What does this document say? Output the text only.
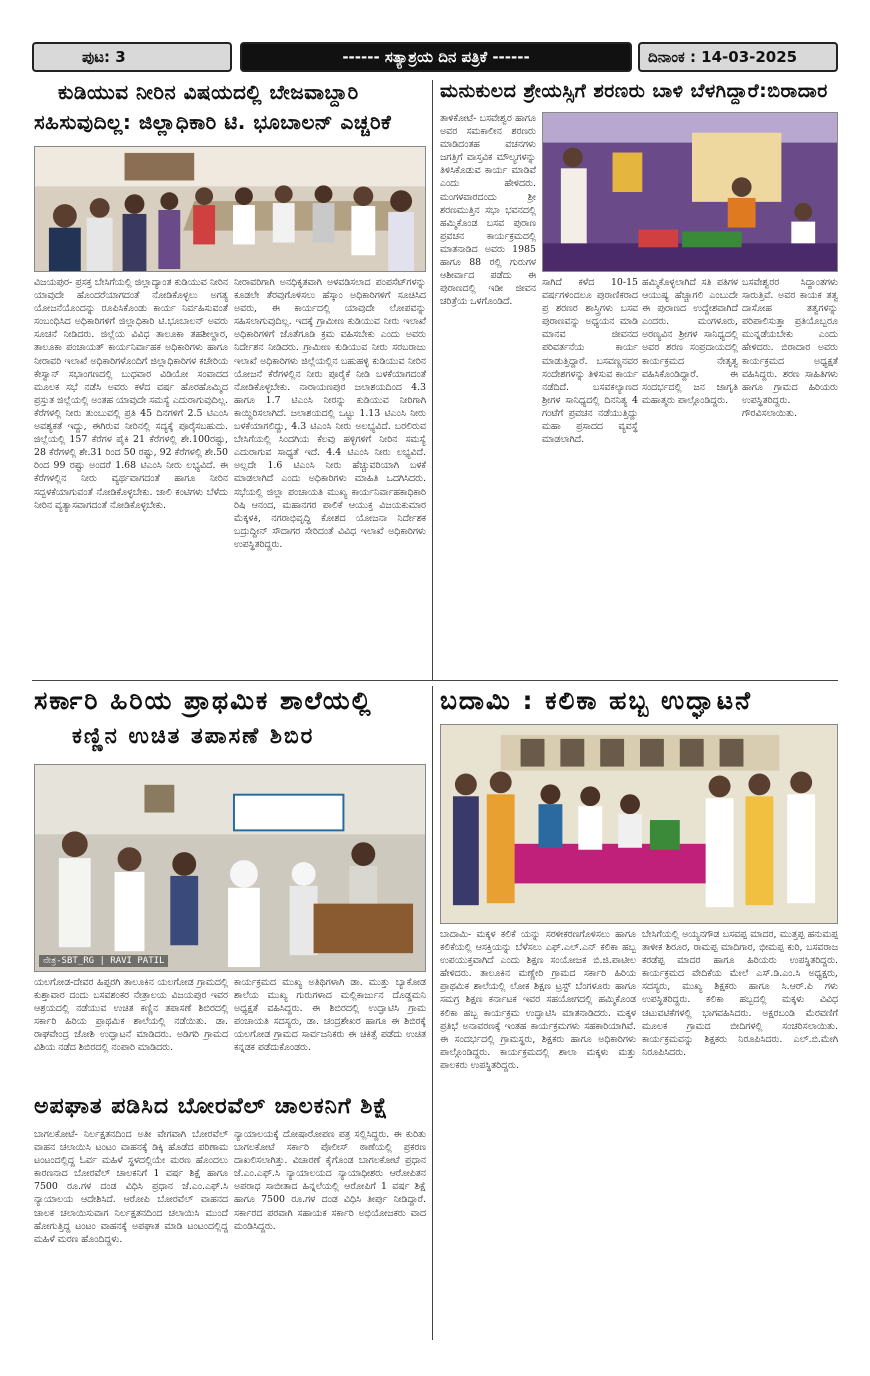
ಪುಟ: 3	------ ಸತ್ಯಾಶ್ರಯ ದಿನ ಪತ್ರಿಕೆ ------	ದಿನಾಂಕ : 14-03-2025
ಕುಡಿಯುವ ನೀರಿನ ವಿಷಯದಲ್ಲಿ ಬೇಜವಾಬ್ದಾರಿ
ಸಹಿಸುವುದಿಲ್ಲ: ಜಿಲ್ಲಾಧಿಕಾರಿ ಟಿ. ಭೂಬಾಲನ್ ಎಚ್ಚರಿಕೆ
ವಿಜಯಪುರ- ಪ್ರಸಕ್ತ ಬೇಸಿಗೆಯಲ್ಲಿ ಜಿಲ್ಲಾದ್ಯಾಂತ ಕುಡಿಯುವ ನೀರಿನ ಯಾವುದೇ ಹೊಂದರೆಯಾಗದಂತೆ ನೋಡಿಕೊಳ್ಳಲು ಅಗತ್ಯ ಯೋಜನೆಯೊಂದನ್ನು ರೂಪಿಸಿಕೊಂಡು ಕಾರ್ಯ ನಿರ್ವಹಿಸುವಂತೆ ಸಂಬಂಧಿಸಿದ ಅಧಿಕಾರಿಗಳಿಗೆ ಜಿಲ್ಲಾಧಿಕಾರಿ ಟಿ.ಭೂಬಾಲನ್ ಅವರು ಸೂಚನೆ ನೀಡಿದರು. ಜಿಲ್ಲೆಯ ವಿವಿಧ ತಾಲೂಕಾ ತಹಶೀಲ್ದಾರ, ತಾಲೂಕಾ ಪಂಚಾಯತ್ ಕಾರ್ಯನಿರ್ವಾಹಕ ಅಧಿಕಾರಿಗಳು ಹಾಗೂ ನೀರಾವರಿ ಇಲಾಖೆ ಅಧಿಕಾರಿಗಳೊಂದಿಗೆ ಜಿಲ್ಲಾಧಿಕಾರಿಗಳ ಕಚೇರಿಯ ಕೇಸ್ವಾನ್ ಸಭಾಂಗಣದಲ್ಲಿ ಬುಧವಾರ ವಿಡಿಯೋ ಸಂವಾದದ ಮೂಲಕ ಸಭೆ ನಡೆಸಿ ಅವರು ಕಳೆದ ವರ್ಷ ಹೊರಹೊಮ್ಮಿದ ಪ್ರಸ್ತುತ ಜಿಲ್ಲೆಯಲ್ಲಿ ಅಂತಹ ಯಾವುದೇ ಸಮಸ್ಯೆ ಎದುರಾಗುವುದಿಲ್ಲ. ಕೆರೆಗಳಲ್ಲಿ ನೀರು ತುಂಬುವಲ್ಲಿ ಪ್ರತಿ 45 ದಿನಗಳಿಗೆ 2.5 ಟಿಎಂಸಿ ಅವಶ್ಯಕತೆ ಇದ್ದು, ಈಗಿರುವ ನೀರಿನಲ್ಲಿ ಸದ್ಯಕ್ಕೆ ಪೂರೈಸಬಹುದು. ಜಿಲ್ಲೆಯಲ್ಲಿ 157 ಕೆರೆಗಳ ಪೈಕಿ 21 ಕೆರೆಗಳಲ್ಲಿ ಶೇ.100ರಷ್ಟು, 28 ಕೆರೆಗಳಲ್ಲಿ ಶೇ.31 ರಿಂದ 50 ರಷ್ಟು, 92 ಕೆರೆಗಳಲ್ಲಿ ಶೇ.50 ರಿಂದ 99 ರಷ್ಟು ಅಂದರೆ 1.68 ಟಿಎಂಸಿ ನೀರು ಲಭ್ಯವಿದೆ. ಈ ಕೆರೆಗಳಲ್ಲಿನ ನೀರು ವ್ಯರ್ಥವಾಗದಂತೆ ಹಾಗೂ ನೀರಿನ ಸದ್ಬಳಕೆಯಾಗುವಂತೆ ನೋಡಿಕೊಳ್ಳಬೇಕು. ಜಾಲಿ ಕಂಟಿಗಳು ಬೆಳೆದು ನೀರಿನ ವ್ಯತ್ಯಾಸವಾಗದಂತೆ ನೋಡಿಕೊಳ್ಳಬೇಕು.
ನೀರಾವರಿಗಾಗಿ ಅನಧಿಕೃತವಾಗಿ ಅಳವಡಿಸಲಾದ ಪಂಪಸೆಟ್‌ಗಳನ್ನು ಕೂಡಲೇ ತೆರವುಗೊಳಿಸಲು ಹೆಸ್ಕಾಂ ಅಧಿಕಾರಿಗಳಿಗೆ ಸೂಚಿಸಿದ ಅವರು, ಈ ಕಾರ್ಯದಲ್ಲಿ ಯಾವುದೇ ಲೋಪವನ್ನು ಸಹಿಸಲಾಗುವುದಿಲ್ಲ. ಇದಕ್ಕೆ ಗ್ರಾಮೀಣ ಕುಡಿಯುವ ನೀರು ಇಲಾಖೆ ಅಧಿಕಾರಿಗಳಿಗೆ ಜೊತೆಗೂಡಿ ಕ್ರಮ ವಹಿಸಬೇಕು ಎಂದು ಅವರು ನಿರ್ದೇಶನ ನೀಡಿದರು. ಗ್ರಾಮೀಣ ಕುಡಿಯುವ ನೀರು ಸರಬರಾಜು ಇಲಾಖೆ ಅಧಿಕಾರಿಗಳು ಜಿಲ್ಲೆಯಲ್ಲಿನ ಬಹುಹಳ್ಳಿ ಕುಡಿಯುವ ನೀರಿನ ಯೋಜನೆ ಕೆರೆಗಳಲ್ಲಿನ ನೀರು ಪೂರೈಕೆ ನೀಡಿ ಬಳಕೆಯಾಗದಂತೆ ನೋಡಿಕೊಳ್ಳಬೇಕು. ನಾರಾಯಣಪುರ ಜಲಾಶಯದಿಂದ 4.3 ಹಾಗೂ 1.7 ಟಿಎಂಸಿ ನೀರನ್ನು ಕುಡಿಯುವ ನೀರಿಗಾಗಿ ಕಾಯ್ದಿರಿಸಲಾಗಿದೆ. ಜಲಾಶಯದಲ್ಲಿ ಒಟ್ಟು 1.13 ಟಿಎಂಸಿ ನೀರು ಬಳಕೆಯಾಗಲಿದ್ದು, 4.3 ಟಿಎಂಸಿ ನೀರು ಅಲಭ್ಯವಿದೆ. ಬರಲಿರುವ ಬೇಸಿಗೆಯಲ್ಲಿ ಸಿಂದಗಿಯ ಕೆಲವು ಹಳ್ಳಿಗಳಿಗೆ ನೀರಿನ ಸಮಸ್ಯೆ ಎದುರಾಗುವ ಸಾಧ್ಯತೆ ಇದೆ. 4.4 ಟಿಎಂಸಿ ನೀರು ಲಭ್ಯವಿದೆ. ಅಲ್ಲದೇ 1.6 ಟಿಎಂಸಿ ನೀರು ಹೆಚ್ಚುವರಿಯಾಗಿ ಬಳಕೆ ಮಾಡಲಾಗಿದೆ ಎಂದು ಅಧಿಕಾರಿಗಳು ಮಾಹಿತಿ ಒದಗಿಸಿದರು. ಸಭೆಯಲ್ಲಿ ಜಿಲ್ಲಾ ಪಂಚಾಯತಿ ಮುಖ್ಯ ಕಾರ್ಯನಿರ್ವಾಹಕಾಧಿಕಾರಿ ರಿಷಿ ಆನಂದ, ಮಹಾನಗರ ಪಾಲಿಕೆ ಆಯುಕ್ತ ವಿಜಯಕುಮಾರ ಮೆಕ್ಕಳಕಿ, ನಗರಾಭಿವೃದ್ಧಿ ಕೋಶದ ಯೋಜನಾ ನಿರ್ದೇಶಕ ಬದ್ರುದ್ದೀನ್ ಸೌದಾಗರ ಸೇರಿದಂತೆ ವಿವಿಧ ಇಲಾಖೆ ಅಧಿಕಾರಿಗಳು ಉಪಸ್ಥಿತರಿದ್ದರು.
ಮನುಕುಲದ ಶ್ರೇಯಸ್ಸಿಗೆ ಶರಣರು ಬಾಳಿ ಬೆಳಗಿದ್ದಾರೆ:ಬಿರಾದಾರ
ತಾಳಿಕೋಟೆ- ಬಸವೇಶ್ವರ ಹಾಗೂ ಅವರ ಸಮಕಾಲೀನ ಶರಣರು ಮಾಡಿದಂತಹ ವಚನಗಳು ಜಗತ್ತಿಗೆ ವಾಸ್ತವಿಕ ಮೌಲ್ಯಗಳನ್ನು ತಿಳಿಸಿಕೊಡುವ ಕಾರ್ಯ ಮಾಡಿವೆ ಎಂದು ಹೇಳಿದರು. ಮಂಗಳವಾರದಂದು ಶ್ರೀ ಶರಣಮುತ್ತಿನ ಸಭಾ ಭವನದಲ್ಲಿ ಹಮ್ಮಿಕೊಂಡ ಬಸವ ಪುರಾಣ ಪ್ರವಚನ ಕಾರ್ಯಕ್ರಮದಲ್ಲಿ ಮಾತನಾಡಿದ ಅವರು 1985 ಹಾಗೂ 88 ರಲ್ಲಿ ಗುರುಗಳ ಆಶೀರ್ವಾದ ಪಡೆದು ಈ ಪುರಾಣದಲ್ಲಿ ಇಡೀ ಜೀವನ ಚರಿತ್ರೆಯ ಒಳಗೊಂಡಿದೆ.
ಸಾಗಿದೆ ಕಳೆದ 10-15 ವರ್ಷಗಳಿಂದಲೂ ಪುರಾಣಿಕರಾದ ಪ್ರ ಶರಣರ ಶಾಸ್ತ್ರಿಗಳು ಬಸವ ಪುರಾಣವನ್ನು ಅಧ್ಯಯನ ಮಾಡಿ ಮಾನವ ಜೀವನದ ಪರಿವರ್ತನೆಯ ಕಾರ್ಯ ಮಾಡುತ್ತಿದ್ದಾರೆ. ಬಸವಣ್ಣನವರ ಸಂದೇಶಗಳನ್ನು ತಿಳಿಸುವ ಕಾರ್ಯ ನಡೆದಿದೆ. ಬಸವಕಲ್ಯಾಣದ ಶ್ರೀಗಳ ಸಾನಿಧ್ಯದಲ್ಲಿ ದಿನನಿತ್ಯ 4 ಗಂಟೆಗೆ ಪ್ರವಚನ ನಡೆಯುತ್ತಿದ್ದು ಮಹಾ ಪ್ರಸಾದದ ವ್ಯವಸ್ಥೆ ಮಾಡಲಾಗಿದೆ.
ಹಮ್ಮಿಕೊಳ್ಳಲಾಗಿದೆ ಸತಿ ಪತಿಗಳ ಆಯುಷ್ಯ ಹೆಚ್ಚಾಗಲಿ ಎಂಬುದೇ ಈ ಪುರಾಣದ ಉದ್ದೇಶವಾಗಿದೆ ಎಂದರು. ಮಂಗಳೂರು, ಅರಣ್ಯವಿನ ಶ್ರೀಗಳ ಸಾನಿಧ್ಯದಲ್ಲಿ ಅವರ ಶರಣ ಸಂಪ್ರದಾಯದಲ್ಲಿ ಕಾರ್ಯಕ್ರಮದ ನೇತೃತ್ವ ವಹಿಸಿಕೊಂಡಿದ್ದಾರೆ. ಈ ಸಂದರ್ಭದಲ್ಲಿ ಜನ ಜಾಗೃತಿ ಮಹಾತ್ಮರು ಪಾಲ್ಗೊಂಡಿದ್ದರು.
ಬಸವೇಶ್ವರರ ಸಿದ್ಧಾಂತಗಳು ಸಾರುತ್ತಿವೆ. ಅವರ ಕಾಯಕ ತತ್ವ ದಾಸೋಹ ತತ್ವಗಳನ್ನು ಪರಿಪಾಲಿಸುತ್ತಾ ಪ್ರತಿಯೊಬ್ಬರೂ ಮುನ್ನಡೆಯಬೇಕು ಎಂದು ಹೇಳಿದರು. ಬಿರಾದಾರ ಅವರು ಕಾರ್ಯಕ್ರಮದ ಅಧ್ಯಕ್ಷತೆ ವಹಿಸಿದ್ದರು. ಶರಣ ಸಾಹಿತಿಗಳು ಹಾಗೂ ಗ್ರಾಮದ ಹಿರಿಯರು ಉಪಸ್ಥಿತರಿದ್ದರು. ಗೌರವಿಸಲಾಯಿತು.
ಸರ್ಕಾರಿ ಹಿರಿಯ ಪ್ರಾಥಮಿಕ ಶಾಲೆಯಲ್ಲಿ
ಕಣ್ಣಿನ ಉಚಿತ ತಪಾಸಣೆ ಶಿಬಿರ
ನೇತ್ರ-SBT_RG | RAVI PATIL
ಯಲಗೋಡ-ದೇವರ ಹಿಪ್ಪರಗಿ ತಾಲೂಕಿನ ಯಲಗೋಡ ಗ್ರಾಮದಲ್ಲಿ ಕುಶ್ತಾವಾರ ದಂದು ಬಸವಶಂಕರ ನೇತ್ರಾಲಯ ವಿಜಯಪುರ ಇವರ ಆಶ್ರಯದಲ್ಲಿ ನಡೆಯುವ ಉಚಿತ ಕಣ್ಣಿನ ತಪಾಸಣೆ ಶಿಬಿರದಲ್ಲಿ ಸರ್ಕಾರಿ ಹಿರಿಯ ಪ್ರಾಥಮಿಕ ಶಾಲೆಯಲ್ಲಿ ನಡೆಯಿತು. ಡಾ. ರಾಘವೇಂದ್ರ ಜೋಶಿ ಉದ್ಘಾಟನೆ ಮಾಡಿದರು. ಅಡಿಗರಿ ಗ್ರಾಮದ ವಿಶಿಯ ನಡೆದ ಶಿಬಿರದಲ್ಲಿ ನಂಪಾರಿ ಮಾಡಿದರು.
ಕಾರ್ಯಕ್ರಮದ ಮುಖ್ಯ ಅತಿಥಿಗಳಾಗಿ ಡಾ. ಮುತ್ತು ಬ್ಯಾಕೋಡ ಶಾಲೆಯ ಮುಖ್ಯ ಗುರುಗಳಾದ ಮಲ್ಲಿಕಾರ್ಜುನ ದೊಡ್ಡಮನಿ ಅಧ್ಯಕ್ಷತೆ ವಹಿಸಿದ್ದರು. ಈ ಶಿಬಿರದಲ್ಲಿ ಉದ್ಘಾಟಿಸಿ ಗ್ರಾಮ ಪಂಚಾಯತಿ ಸದಸ್ಯರು, ಡಾ. ಚಂದ್ರಶೇಖರ ಹಾಗೂ ಈ ಶಿಬಿರಕ್ಕೆ ಯಲಗೋಡ ಗ್ರಾಮದ ಸಾರ್ವಜನಿಕರು ಈ ಚಿಕಿತ್ಸೆ ಪಡೆದು ಉಚಿತ ಕನ್ನಡಕ ಪಡೆದುಕೊಂಡರು.
ಬದಾಮಿ : ಕಲಿಕಾ ಹಬ್ಬ ಉದ್ಘಾಟನೆ
ಬಾದಾಮಿ- ಮಕ್ಕಳ ಕಲಿಕೆ ಯನ್ನು ಸರಳೀಕರಣಗೊಳಿಸಲು ಹಾಗೂ ಕಲಿಕೆಯಲ್ಲಿ ಆಸಕ್ತಿಯನ್ನು ಬೆಳೆಸಲು ಎಫ್.ಎಲ್.ಎನ್ ಕಲಿಕಾ ಹಬ್ಬ ಉಪಯುಕ್ತವಾಗಿದೆ ಎಂದು ಶಿಕ್ಷಣ ಸಂಯೋಜಕ ಬಿ.ಜಿ.ಪಾಟೀಲ ಹೇಳಿದರು. ತಾಲೂಕಿನ ಮಣ್ಣೇರಿ ಗ್ರಾಮದ ಸರ್ಕಾರಿ ಹಿರಿಯ ಪ್ರಾಥಮಿಕ ಶಾಲೆಯಲ್ಲಿ ಲೋಕ ಶಿಕ್ಷಣ ಟ್ರಸ್ಟ್ ಬೆಂಗಳೂರು ಹಾಗೂ ಸಮಗ್ರ ಶಿಕ್ಷಣ ಕರ್ನಾಟಕ ಇವರ ಸಹಯೋಗದಲ್ಲಿ ಹಮ್ಮಿಕೊಂಡ ಕಲಿಕಾ ಹಬ್ಬ ಕಾರ್ಯಕ್ರಮ ಉದ್ಘಾಟಿಸಿ ಮಾತನಾಡಿದರು. ಮಕ್ಕಳ ಪ್ರತಿಭೆ ಅನಾವರಣಕ್ಕೆ ಇಂತಹ ಕಾರ್ಯಕ್ರಮಗಳು ಸಹಕಾರಿಯಾಗಿವೆ. ಈ ಸಂದರ್ಭದಲ್ಲಿ ಗ್ರಾಮಸ್ಥರು, ಶಿಕ್ಷಕರು ಹಾಗೂ ಅಧಿಕಾರಿಗಳು ಪಾಲ್ಗೊಂಡಿದ್ದರು. ಕಾರ್ಯಕ್ರಮದಲ್ಲಿ ಶಾಲಾ ಮಕ್ಕಳು ಮತ್ತು ಪಾಲಕರು ಉಪಸ್ಥಿತರಿದ್ದರು.
ಬೇಸಿಗೆಯಲ್ಲಿ ಅಯ್ಯನಗೌಡ ಬಸವಪ್ಪ ಮಾದರ, ಮುತ್ತಪ್ಪ ಹನುಮಪ್ಪ ತಾಳೀಕ ಶಿರೂರ, ರಾಮಪ್ಪ ಮಾದಿಗಾರ, ಭೀಮಪ್ಪ ಕುರಿ, ಬಸವರಾಜ ಕರಡೆಪ್ಪ ಮಾದರ ಹಾಗೂ ಹಿರಿಯರು ಉಪಸ್ಥಿತರಿದ್ದರು. ಕಾರ್ಯಕ್ರಮದ ವೇದಿಕೆಯ ಮೇಲೆ ಎಸ್.ಡಿ.ಎಂ.ಸಿ ಅಧ್ಯಕ್ಷರು, ಸದಸ್ಯರು, ಮುಖ್ಯ ಶಿಕ್ಷಕರು ಹಾಗೂ ಸಿ.ಆರ್.ಪಿ ಗಳು ಉಪಸ್ಥಿತರಿದ್ದರು. ಕಲಿಕಾ ಹಬ್ಬದಲ್ಲಿ ಮಕ್ಕಳು ವಿವಿಧ ಚಟುವಟಿಕೆಗಳಲ್ಲಿ ಭಾಗವಹಿಸಿದರು. ಅಕ್ಷರಬಂಡಿ ಮೆರವಣಿಗೆ ಮೂಲಕ ಗ್ರಾಮದ ಬೀದಿಗಳಲ್ಲಿ ಸಂಚರಿಸಲಾಯಿತು. ಕಾರ್ಯಕ್ರಮವನ್ನು ಶಿಕ್ಷಕರು ನಿರೂಪಿಸಿದರು. ಎಲ್.ಬಿ.ಮೇಗಿ ನಿರೂಪಿಸಿದರು.
ಅಪಘಾತ ಪಡಿಸಿದ ಬೋರವೆಲ್ ಚಾಲಕನಿಗೆ ಶಿಕ್ಷೆ
ಬಾಗಲಕೋಟೆ- ನಿರ್ಲಕ್ಷತನದಿಂದ ಅತೀ ವೇಗವಾಗಿ ಬೋರವೆಲ್ ವಾಹನ ಚಲಾಯಿಸಿ ಟಂಟಂ ವಾಹನಕ್ಕೆ ಡಿಕ್ಕಿ ಹೊಡೆದ ಪರಿಣಾಮ ಟಂಟಂದಲ್ಲಿದ್ದ ಓರ್ವ ಮಹಿಳೆ ಸ್ಥಳದಲ್ಲಿಯೇ ಮರಣ ಹೊಂದಲು ಕಾರಣನಾದ ಬೋರವೆಲ್ ಚಾಲಕನಿಗೆ 1 ವರ್ಷ ಶಿಕ್ಷೆ ಹಾಗೂ 7500 ರೂ.ಗಳ ದಂಡ ವಿಧಿಸಿ ಪ್ರಧಾನ ಜೆ.ಎಂ.ಎಫ್.ಸಿ ನ್ಯಾಯಾಲಯ ಆದೇಶಿಸಿದೆ. ಆರೋಪಿ ಬೋರವೆಲ್ ವಾಹನದ ಚಾಲಕ ಚಲಾಯಿಸುವಾಗ ನಿರ್ಲಕ್ಷತನದಿಂದ ಚಲಾಯಿಸಿ ಮುಂದೆ ಹೋಗುತ್ತಿದ್ದ ಟಂಟಂ ವಾಹನಕ್ಕೆ ಅಪಘಾತ ಮಾಡಿ ಟಂಟಂದಲ್ಲಿದ್ದ ಮಹಿಳೆ ಮರಣ ಹೊಂದಿದ್ದಳು.
ನ್ಯಾಯಾಲಯಕ್ಕೆ ದೋಷಾರೋಪಣ ಪತ್ರ ಸಲ್ಲಿಸಿದ್ದರು. ಈ ಕುರಿತು ಬಾಗಲಕೋಟೆ ಸರ್ಕಾರಿ ಪೊಲೀಸ್ ಠಾಣೆಯಲ್ಲಿ ಪ್ರಕರಣ ದಾಖಲಿಸಲಾಗಿತ್ತು. ವಿಚಾರಣೆ ಕೈಗೊಂಡ ಬಾಗಲಕೋಟೆ ಪ್ರಧಾನ ಜೆ.ಎಂ.ಎಫ್.ಸಿ ನ್ಯಾಯಾಲಯದ ನ್ಯಾಯಾಧೀಶರು ಆರೋಪಿತನ ಅಪರಾಧ ಸಾಬೀತಾದ ಹಿನ್ನಲೆಯಲ್ಲಿ ಆರೋಪಿಗೆ 1 ವರ್ಷ ಶಿಕ್ಷೆ ಹಾಗೂ 7500 ರೂ.ಗಳ ದಂಡ ವಿಧಿಸಿ ತೀರ್ಪು ನೀಡಿದ್ದಾರೆ. ಸರ್ಕಾರದ ಪರವಾಗಿ ಸಹಾಯಕ ಸರ್ಕಾರಿ ಅಭಿಯೋಜಕರು ವಾದ ಮಂಡಿಸಿದ್ದರು.
